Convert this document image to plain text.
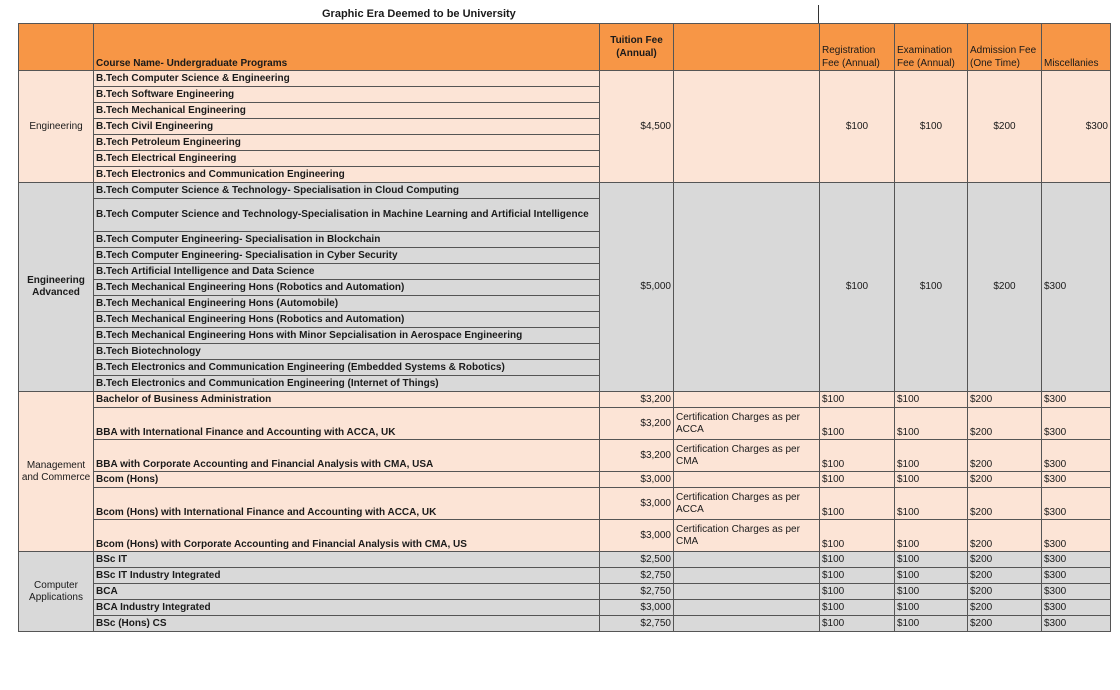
Graphic Era Deemed to be University
	Course Name- Undergraduate Programs	Tuition Fee (Annual)		Registration Fee (Annual)	Examination Fee (Annual)	Admission Fee (One Time)	Miscellanies
Engineering	B.Tech Computer Science & Engineering	$4,500		$100	$100	$200	$300
	B.Tech Software Engineering						
	B.Tech Mechanical Engineering						
	B.Tech Civil Engineering						
	B.Tech Petroleum Engineering						
	B.Tech Electrical Engineering						
	B.Tech Electronics and Communication Engineering						
Engineering Advanced	B.Tech Computer Science & Technology- Specialisation in Cloud Computing	$5,000		$100	$100	$200	$300
	B.Tech Computer Science and Technology-Specialisation in Machine Learning and Artificial Intelligence						
	B.Tech Computer Engineering- Specialisation in Blockchain						
	B.Tech Computer Engineering- Specialisation in Cyber Security						
	B.Tech Artificial Intelligence and Data Science						
	B.Tech Mechanical Engineering Hons (Robotics and Automation)						
	B.Tech Mechanical Engineering Hons (Automobile)						
	B.Tech Mechanical Engineering Hons (Robotics and Automation)						
	B.Tech Mechanical Engineering Hons with Minor Sepcialisation in Aerospace Engineering						
	B.Tech Biotechnology						
	B.Tech Electronics and Communication Engineering (Embedded Systems & Robotics)						
	B.Tech Electronics and Communication Engineering (Internet of Things)						
Management and Commerce	Bachelor of Business Administration	$3,200		$100	$100	$200	$300
	BBA with International Finance and Accounting with ACCA, UK	$3,200	Certification Charges as per ACCA	$100	$100	$200	$300
	BBA with Corporate Accounting and Financial Analysis with CMA, USA	$3,200	Certification Charges as per CMA	$100	$100	$200	$300
	Bcom (Hons)	$3,000		$100	$100	$200	$300
	Bcom (Hons) with International Finance and Accounting with ACCA, UK	$3,000	Certification Charges as per ACCA	$100	$100	$200	$300
	Bcom (Hons) with Corporate Accounting and Financial Analysis with CMA, US	$3,000	Certification Charges as per CMA	$100	$100	$200	$300
Computer Applications	BSc IT	$2,500		$100	$100	$200	$300
	BSc IT Industry Integrated	$2,750		$100	$100	$200	$300
	BCA	$2,750		$100	$100	$200	$300
	BCA Industry Integrated	$3,000		$100	$100	$200	$300
	BSc (Hons) CS	$2,750		$100	$100	$200	$300
